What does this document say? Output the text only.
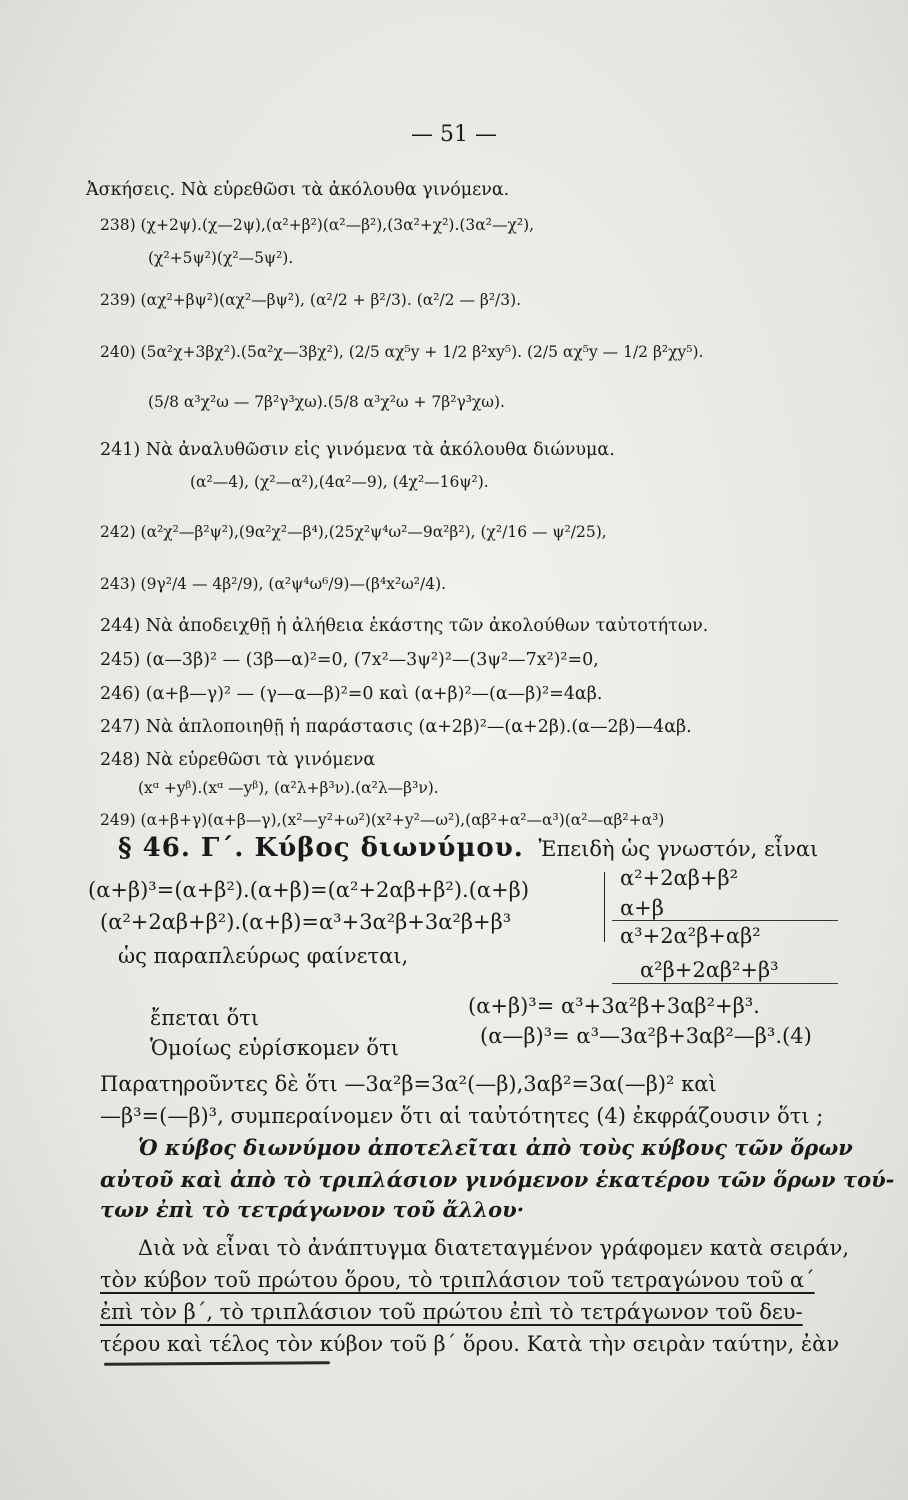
— 51 —
Ἀσκήσεις. Νὰ εὑρεθῶσι τὰ ἀκόλουθα γινόμενα.
238) (χ+2ψ).(χ—2ψ),(α²+β²)(α²—β²),(3α²+χ²).(3α²—χ²),
(χ²+5ψ²)(χ²—5ψ²).
239) (αχ²+βψ²)(αχ²—βψ²), (α²/2 + β²/3). (α²/2 — β²/3).
240) (5α²χ+3βχ²).(5α²χ—3βχ²), (2/5 αχ⁵y + 1/2 β²xy⁵). (2/5 αχ⁵y — 1/2 β²χy⁵).
(5/8 α³χ²ω — 7β²γ³χω).(5/8 α³χ²ω + 7β²γ³χω).
241) Νὰ ἀναλυθῶσιν εἰς γινόμενα τὰ ἀκόλουθα διώνυμα.
(α²—4), (χ²—α²),(4α²—9), (4χ²—16ψ²).
242) (α²χ²—β²ψ²),(9α²χ²—β⁴),(25χ²ψ⁴ω²—9α²β²), (χ²/16 — ψ²/25),
243) (9γ²/4 — 4β²/9), (α²ψ⁴ω⁶/9)—(β⁴x²ω²/4).
244) Νὰ ἀποδειχθῇ ἡ ἀλήθεια ἑκάστης τῶν ἀκολούθων ταὐτοτήτων.
245) (α—3β)² — (3β—α)²=0, (7x²—3ψ²)²—(3ψ²—7x²)²=0,
246) (α+β—γ)² — (γ—α—β)²=0 καὶ (α+β)²—(α—β)²=4αβ.
247) Νὰ ἁπλοποιηθῇ ἡ παράστασις (α+2β)²—(α+2β).(α—2β)—4αβ.
248) Νὰ εὑρεθῶσι τὰ γινόμενα
(xᵅ +yᵝ).(xᵅ —yᵝ), (α²λ+β³ν).(α²λ—β³ν).
249) (α+β+γ)(α+β—γ),(x²—y²+ω²)(x²+y²—ω²),(αβ²+α²—α³)(α²—αβ²+α³)
§ 46. Γ΄. Κύβος διωνύμου. Ἐπειδὴ ὡς γνωστόν, εἶναι
(α+β)³=(α+β²).(α+β)=(α²+2αβ+β²).(α+β)
(α²+2αβ+β²).(α+β)=α³+3α²β+3α²β+β³
ὡς παραπλεύρως φαίνεται,
α²+2αβ+β²
α+β
α³+2α²β+αβ²
α²β+2αβ²+β³
ἔπεται ὅτι	(α+β)³= α³+3α²β+3αβ²+β³.
Ὁμοίως εὑρίσκομεν ὅτι	(α—β)³= α³—3α²β+3αβ²—β³.(4)
Παρατηροῦντες δὲ ὅτι —3α²β=3α²(—β),3αβ²=3α(—β)² καὶ
—β³=(—β)³, συμπεραίνομεν ὅτι αἱ ταὐτότητες (4) ἐκφράζουσιν ὅτι ;
Ὁ κύβος διωνύμου ἀποτελεῖται ἀπὸ τοὺς κύβους τῶν ὅρων
αὐτοῦ καὶ ἀπὸ τὸ τριπλάσιον γινόμενον ἑκατέρου τῶν ὅρων τού-
των ἐπὶ τὸ τετράγωνον τοῦ ἄλλου·
Διὰ νὰ εἶναι τὸ ἀνάπτυγμα διατεταγμένον γράφομεν κατὰ σειράν,
τὸν κύβον τοῦ πρώτου ὅρου, τὸ τριπλάσιον τοῦ τετραγώνου τοῦ α΄
ἐπὶ τὸν β΄, τὸ τριπλάσιον τοῦ πρώτου ἐπὶ τὸ τετράγωνον τοῦ δευ-
τέρου καὶ τέλος τὸν κύβον τοῦ β΄ ὅρου. Κατὰ τὴν σειρὰν ταύτην, ἐὰν
